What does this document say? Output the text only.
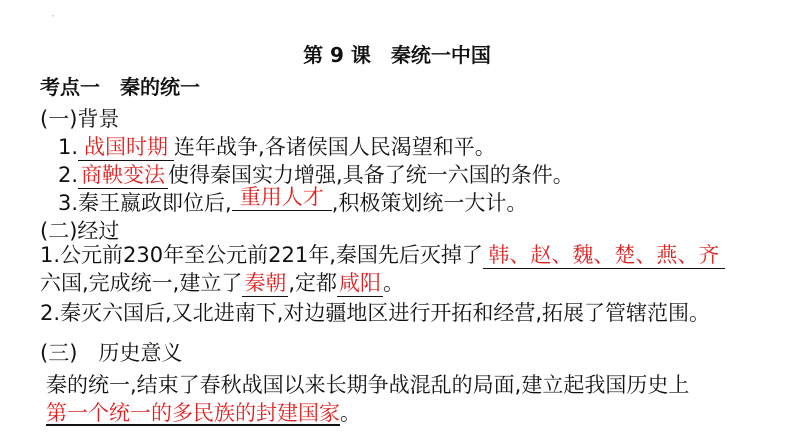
。
第 9 课　秦统一中国
考点一　秦的统一
(一)背景
1. 战国时期 连年战争,各诸侯国人民渴望和平。
2. 商鞅变法 使得秦国实力增强,具备了统一六国的条件。
3.秦王嬴政即位后, 重用人才 ,积极策划统一大计。
(二)经过
1.公元前230年至公元前221年,秦国先后灭掉了 韩、赵、魏、楚、燕、齐
六国,完成统一,建立了秦朝,定都咸阳。
2.秦灭六国后,又北进南下,对边疆地区进行开拓和经营,拓展了管辖范围。
(三)　历史意义
秦的统一,结束了春秋战国以来长期争战混乱的局面,建立起我国历史上
第一个统一的多民族的封建国家。
